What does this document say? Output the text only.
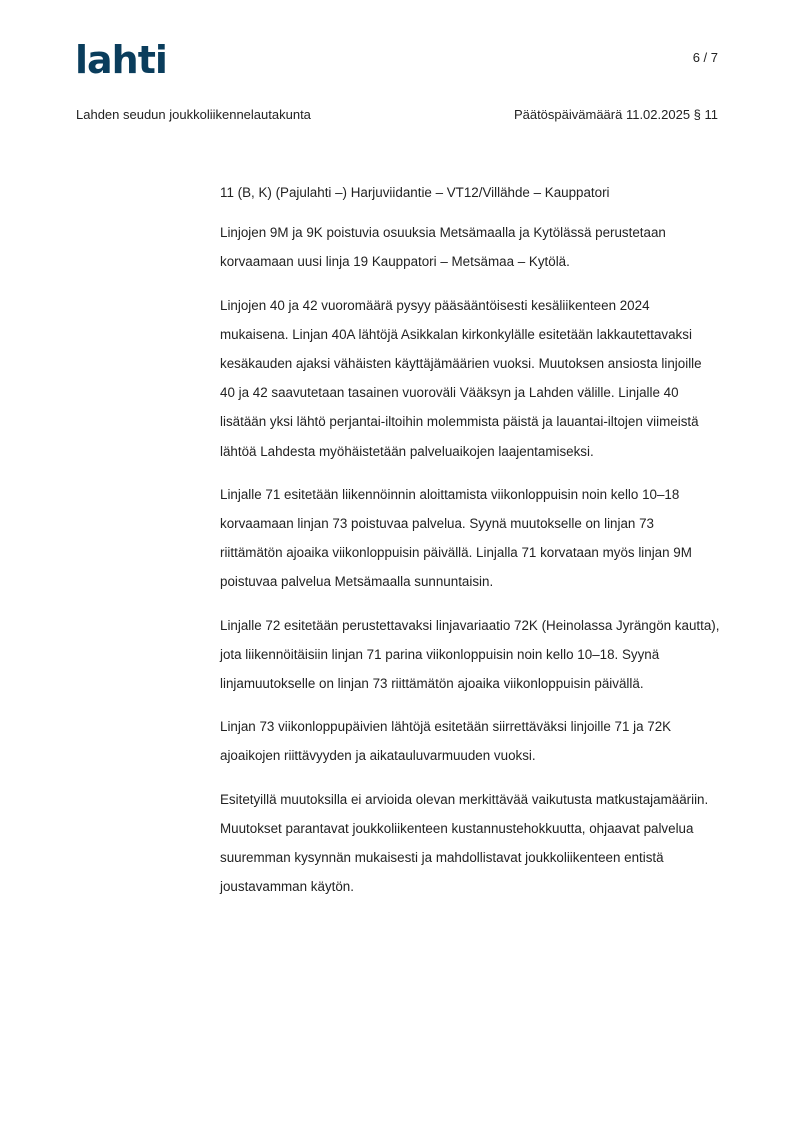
lahti	6 / 7
Lahden seudun joukkoliikennelautakunta	Päätöspäivämäärä 11.02.2025 § 11

11 (B, K) (Pajulahti –) Harjuviidantie – VT12/Villähde – Kauppatori

Linjojen 9M ja 9K poistuvia osuuksia Metsämaalla ja Kytölässä perustetaan korvaamaan uusi linja 19 Kauppatori – Metsämaa – Kytölä.

Linjojen 40 ja 42 vuoromäärä pysyy pääsääntöisesti kesäliikenteen 2024 mukaisena. Linjan 40A lähtöjä Asikkalan kirkonkylälle esitetään lakkautettavaksi kesäkauden ajaksi vähäisten käyttäjämäärien vuoksi. Muutoksen ansiosta linjoille 40 ja 42 saavutetaan tasainen vuoroväli Vääksyn ja Lahden välille. Linjalle 40 lisätään yksi lähtö perjantai-iltoihin molemmista päistä ja lauantai-iltojen viimeistä lähtöä Lahdesta myöhäistetään palveluaikojen laajentamiseksi.

Linjalle 71 esitetään liikennöinnin aloittamista viikonloppuisin noin kello 10–18 korvaamaan linjan 73 poistuvaa palvelua. Syynä muutokselle on linjan 73 riittämätön ajoaika viikonloppuisin päivällä. Linjalla 71 korvataan myös linjan 9M poistuvaa palvelua Metsämaalla sunnuntaisin.

Linjalle 72 esitetään perustettavaksi linjavariaatio 72K (Heinolassa Jyrängön kautta), jota liikennöitäisiin linjan 71 parina viikonloppuisin noin kello 10–18. Syynä linjamuutokselle on linjan 73 riittämätön ajoaika viikonloppuisin päivällä.

Linjan 73 viikonloppupäivien lähtöjä esitetään siirrettäväksi linjoille 71 ja 72K ajoaikojen riittävyyden ja aikatauluvarmuuden vuoksi.

Esitetyillä muutoksilla ei arvioida olevan merkittävää vaikutusta matkustajamääriin. Muutokset parantavat joukkoliikenteen kustannustehokkuutta, ohjaavat palvelua suuremman kysynnän mukaisesti ja mahdollistavat joukkoliikenteen entistä joustavamman käytön.
